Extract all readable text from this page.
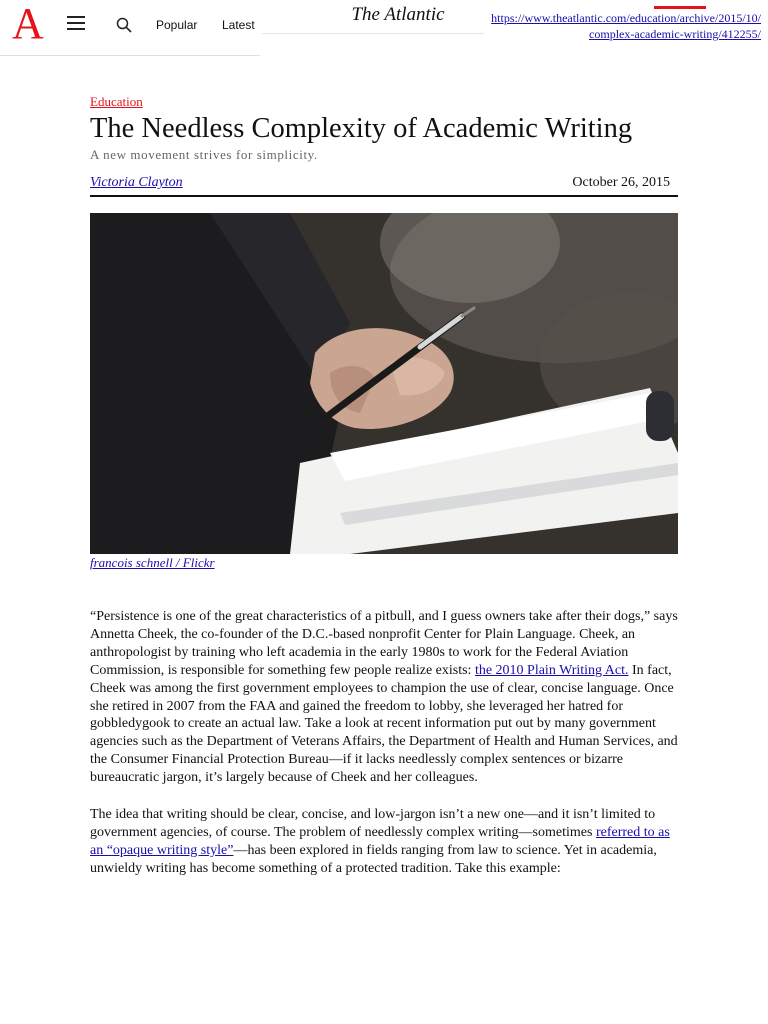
A	Popular Latest	The Atlantic	https://www.theatlantic.com/education/archive/2015/10/complex-academic-writing/412255/
Education
The Needless Complexity of Academic Writing
A new movement strives for simplicity.
Victoria Clayton	October 26, 2015
francois schnell / Flickr

“Persistence is one of the great characteristics of a pitbull, and I guess owners take after their dogs,” says Annetta Cheek, the co-founder of the D.C.-based nonprofit Center for Plain Language. Cheek, an anthropologist by training who left academia in the early 1980s to work for the Federal Aviation Commission, is responsible for something few people realize exists: the 2010 Plain Writing Act. In fact, Cheek was among the first government employees to champion the use of clear, concise language. Once she retired in 2007 from the FAA and gained the freedom to lobby, she leveraged her hatred for gobbledygook to create an actual law. Take a look at recent information put out by many government agencies such as the Department of Veterans Affairs, the Department of Health and Human Services, and the Consumer Financial Protection Bureau—if it lacks needlessly complex sentences or bizarre bureaucratic jargon, it’s largely because of Cheek and her colleagues.

The idea that writing should be clear, concise, and low-jargon isn’t a new one—and it isn’t limited to government agencies, of course. The problem of needlessly complex writing—sometimes referred to as an “opaque writing style”—has been explored in fields ranging from law to science. Yet in academia, unwieldy writing has become something of a protected tradition. Take this example:
